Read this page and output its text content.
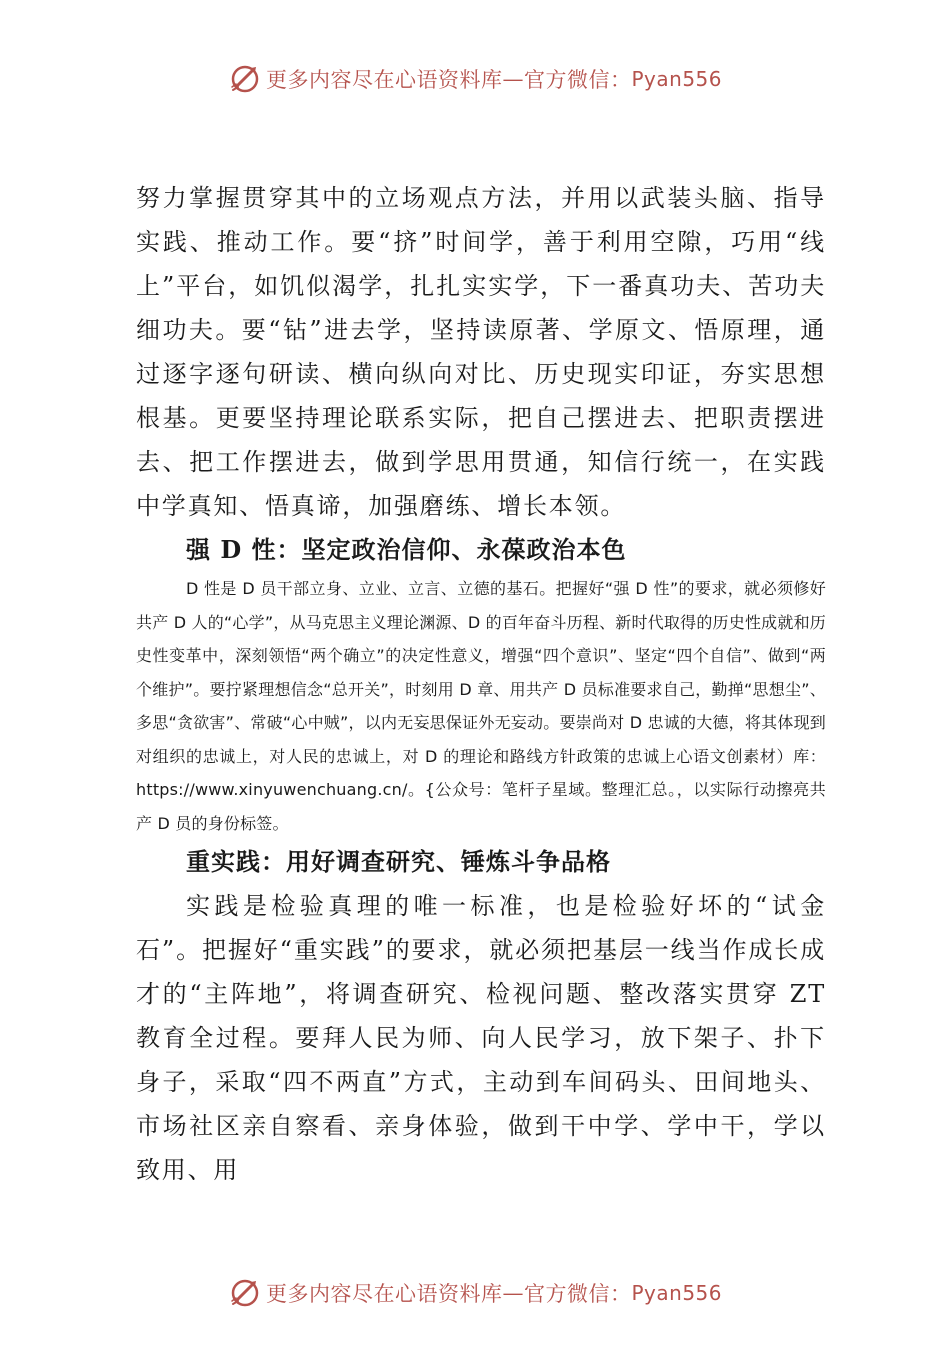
更多内容尽在心语资料库 — 官方微信： Pyan556

努力掌握贯穿其中的立场观点方法，并用以武装头脑、指导实践、推动工作。要“挤”时间学，善于利用空隙，巧用“线上”平台，如饥似渴学，扎扎实实学，下一番真功夫、苦功夫细功夫。要“钻”进去学，坚持读原著、学原文、悟原理，通过逐字逐句研读、横向纵向对比、历史现实印证，夯实思想根基。更要坚持理论联系实际，把自己摆进去、把职责摆进去、把工作摆进去，做到学思用贯通，知信行统一，在实践中学真知、悟真谛，加强磨练、增长本领。

强 D 性：坚定政治信仰、永葆政治本色

D 性是 D 员干部立身、立业、立言、立德的基石。把握好“强 D 性”的要求，就必须修好共产 D 人的“心学”，从马克思主义理论渊源、D 的百年奋斗历程、新时代取得的历史性成就和历史性变革中，深刻领悟“两个确立”的决定性意义，增强“四个意识”、坚定“四个自信”、做到“两个维护”。要拧紧理想信念“总开关”，时刻用 D 章、用共产 D 员标准要求自己，勤掸“思想尘”、多思“贪欲害”、常破“心中贼”，以内无妄思保证外无妄动。要崇尚对 D 忠诚的大德，将其体现到对组织的忠诚上，对人民的忠诚上，对 D 的理论和路线方针政策的忠诚上心语文创素材）库：https://www.xinyuwenchuang.cn/。{公众号：笔杆子星域。整理汇总。，以实际行动擦亮共产 D 员的身份标签。

重实践：用好调查研究、锤炼斗争品格

实践是检验真理的唯一标准，也是检验好坏的“试金石”。把握好“重实践”的要求，就必须把基层一线当作成长成才的“主阵地”，将调查研究、检视问题、整改落实贯穿 ZT 教育全过程。要拜人民为师、向人民学习，放下架子、扑下身子，采取“四不两直”方式，主动到车间码头、田间地头、市场社区亲自察看、亲身体验，做到干中学、学中干，学以致用、用

更多内容尽在心语资料库 — 官方微信： Pyan556
